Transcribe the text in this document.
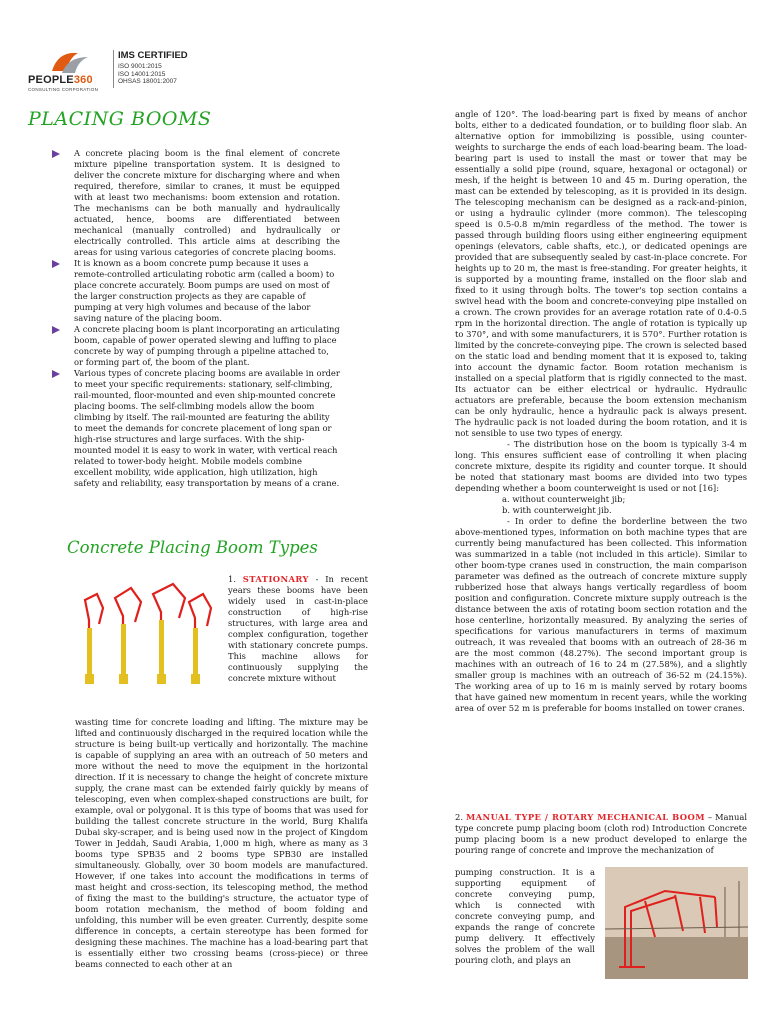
PEOPLE360
CONSULTING CORPORATION
IMS CERTIFIED
ISO 9001:2015
ISO 14001:2015
OHSAS 18001:2007
PLACING BOOMS

A concrete placing boom is the final element of concrete mixture pipeline transportation system. It is designed to deliver the concrete mixture for discharging where and when required, therefore, similar to cranes, it must be equipped with at least two mechanisms: boom extension and rotation. The mechanisms can be both manually and hydraulically actuated, hence, booms are differentiated between mechanical (manually controlled) and hydraulically or electrically controlled. This article aims at describing the areas for using various categories of concrete placing booms.

It is known as a boom concrete pump because it uses a remote-controlled articulating robotic arm (called a boom) to place concrete accurately. Boom pumps are used on most of the larger construction projects as they are capable of pumping at very high volumes and because of the labor saving nature of the placing boom.

A concrete placing boom is plant incorporating an articulating boom, capable of power operated slewing and luffing to place concrete by way of pumping through a pipeline attached to, or forming part of, the boom of the plant.

Various types of concrete placing booms are available in order to meet your specific requirements: stationary, self-climbing, rail-mounted, floor-mounted and even ship-mounted concrete placing booms. The self-climbing models allow the boom climbing by itself. The rail-mounted are featuring the ability to meet the demands for concrete placement of long span or high-rise structures and large surfaces. With the ship-mounted model it is easy to work in water, with vertical reach related to tower-body height. Mobile models combine excellent mobility, wide application, high utilization, high safety and reliability, easy transportation by means of a crane.

Concrete Placing Boom Types
1. STATIONARY - In recent years these booms have been widely used in cast-in-place construction of high-rise structures, with large area and complex configuration, together with stationary concrete pumps. This machine allows for continuously supplying the concrete mixture without
wasting time for concrete loading and lifting. The mixture may be lifted and continuously discharged in the required location while the structure is being built-up vertically and horizontally. The machine is capable of supplying an area with an outreach of 50 meters and more without the need to move the equipment in the horizontal direction. If it is necessary to change the height of concrete mixture supply, the crane mast can be extended fairly quickly by means of telescoping, even when complex-shaped constructions are built, for example, oval or polygonal. It is this type of booms that was used for building the tallest concrete structure in the world, Burg Khalifa Dubai sky-scraper, and is being used now in the project of Kingdom Tower in Jeddah, Saudi Arabia, 1,000 m high, where as many as 3 booms type SPB35 and 2 booms type SPB30 are installed simultaneously. Globally, over 30 boom models are manufactured. However, if one takes into account the modifications in terms of mast height and cross-section, its telescoping method, the method of fixing the mast to the building's structure, the actuator type of boom rotation mechanism, the method of boom folding and unfolding, this number will be even greater. Currently, despite some difference in concepts, a certain stereotype has been formed for designing these machines. The machine has a load-bearing part that is essentially either two crossing beams (cross-piece) or three beams connected to each other at an

angle of 120°. The load-bearing part is fixed by means of anchor bolts, either to a dedicated foundation, or to building floor slab. An alternative option for immobilizing is possible, using counter-weights to surcharge the ends of each load-bearing beam. The load-bearing part is used to install the mast or tower that may be essentially a solid pipe (round, square, hexagonal or octagonal) or mesh, if the height is between 10 and 45 m. During operation, the mast can be extended by telescoping, as it is provided in its design. The telescoping mechanism can be designed as a rack-and-pinion, or using a hydraulic cylinder (more common). The telescoping speed is 0.5-0.8 m/min regardless of the method. The tower is passed through building floors using either engineering equipment openings (elevators, cable shafts, etc.), or dedicated openings are provided that are subsequently sealed by cast-in-place concrete. For heights up to 20 m, the mast is free-standing. For greater heights, it is supported by a mounting frame, installed on the floor slab and fixed to it using through bolts. The tower's top section contains a swivel head with the boom and concrete-conveying pipe installed on a crown. The crown provides for an average rotation rate of 0.4-0.5 rpm in the horizontal direction. The angle of rotation is typically up to 370°, and with some manufacturers, it is 570°. Further rotation is limited by the concrete-conveying pipe. The crown is selected based on the static load and bending moment that it is exposed to, taking into account the dynamic factor. Boom rotation mechanism is installed on a special platform that is rigidly connected to the mast. Its actuator can be either electrical or hydraulic. Hydraulic actuators are preferable, because the boom extension mechanism can be only hydraulic, hence a hydraulic pack is always present. The hydraulic pack is not loaded during the boom rotation, and it is not sensible to use two types of energy.

- The distribution hose on the boom is typically 3-4 m long. This ensures sufficient ease of controlling it when placing concrete mixture, despite its rigidity and counter torque. It should be noted that stationary mast booms are divided into two types depending whether a boom counterweight is used or not [16]:

a. without counterweight jib;

b. with counterweight jib.

- In order to define the borderline between the two above-mentioned types, information on both machine types that are currently being manufactured has been collected. This information was summarized in a table (not included in this article). Similar to other boom-type cranes used in construction, the main comparison parameter was defined as the outreach of concrete mixture supply rubberized hose that always hangs vertically regardless of boom position and configuration. Concrete mixture supply outreach is the distance between the axis of rotating boom section rotation and the hose centerline, horizontally measured. By analyzing the series of specifications for various manufacturers in terms of maximum outreach, it was revealed that booms with an outreach of 28-36 m are the most common (48.27%). The second important group is machines with an outreach of 16 to 24 m (27.58%), and a slightly smaller group is machines with an outreach of 36-52 m (24.15%). The working area of up to 16 m is mainly served by rotary booms that have gained new momentum in recent years, while the working area of over 52 m is preferable for booms installed on tower cranes.

2. MANUAL TYPE / ROTARY MECHANICAL BOOM – Manual type concrete pump placing boom (cloth rod) Introduction Concrete pump placing boom is a new product developed to enlarge the pouring range of concrete and improve the mechanization of
pumping construction. It is a supporting equipment of concrete conveying pump, which is connected with concrete conveying pump, and expands the range of concrete pump delivery. It effectively solves the problem of the wall pouring cloth, and plays an
